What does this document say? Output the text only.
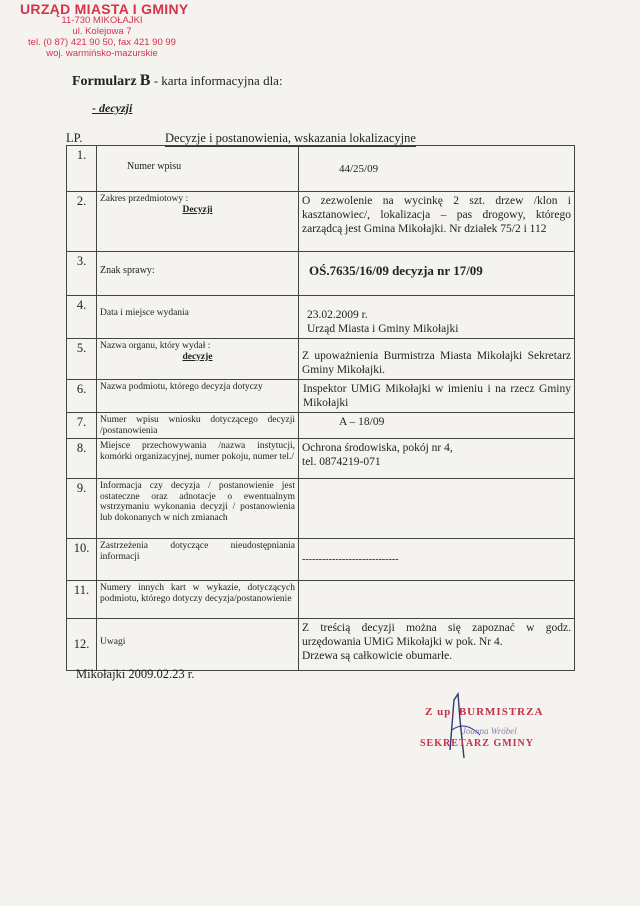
URZĄD MIASTA I GMINY
11-730 MIKOŁAJKI
ul. Kolejowa 7
tel. (0 87) 421 90 50, fax 421 90 99
woj. warmińsko-mazurskie
Formularz B - karta informacyjna dla:
- decyzji
LP.	Decyzje i postanowienia, wskazania lokalizacyjne
1.	Numer wpisu	44/25/09
2.	Zakres przedmiotowy :
Decyzji	O zezwolenie na wycinkę 2 szt. drzew /klon i kasztanowiec/, lokalizacja – pas drogowy, którego zarządcą jest Gmina Mikołajki. Nr działek 75/2 i 112
3.	Znak sprawy:	OŚ.7635/16/09 decyzja nr 17/09
4.	Data i miejsce wydania	23.02.2009 r.
Urząd Miasta i Gminy Mikołajki

5.	Nazwa organu, który wydał :
decyzje	Z upoważnienia Burmistrza Miasta Mikołajki Sekretarz Gminy Mikołajki.
6.	Nazwa podmiotu, którego decyzja dotyczy	Inspektor UMiG Mikołajki w imieniu i na rzecz Gminy Mikołajki
7.	Numer wpisu wniosku dotyczącego decyzji /postanowienia	A – 18/09
8.	Miejsce przechowywania /nazwa instytucji, komórki organizacyjnej, numer pokoju, numer tel./	Ochrona środowiska, pokój nr 4,
tel. 0874219-071

9.	Informacja czy decyzja / postanowienie jest ostateczne oraz adnotacje o ewentualnym wstrzymaniu wykonania decyzji / postanowienia lub dokonanych w nich zmianach	
10.	Zastrzeżenia dotyczące nieudostępniania informacji	-----------------------------
11.	Numery innych kart w wykazie, dotyczących podmiotu, którego dotyczy decyzja/postanowienie	
12.	Uwagi	Z treścią decyzji można się zapoznać w godz. urzędowania UMiG Mikołajki w pok. Nr 4.
Drzewa są całkowicie obumarłe.
Mikołajki 2009.02.23 r.
Z up. BURMISTRZA
Joanna Wróbel
SEKRETARZ GMINY
